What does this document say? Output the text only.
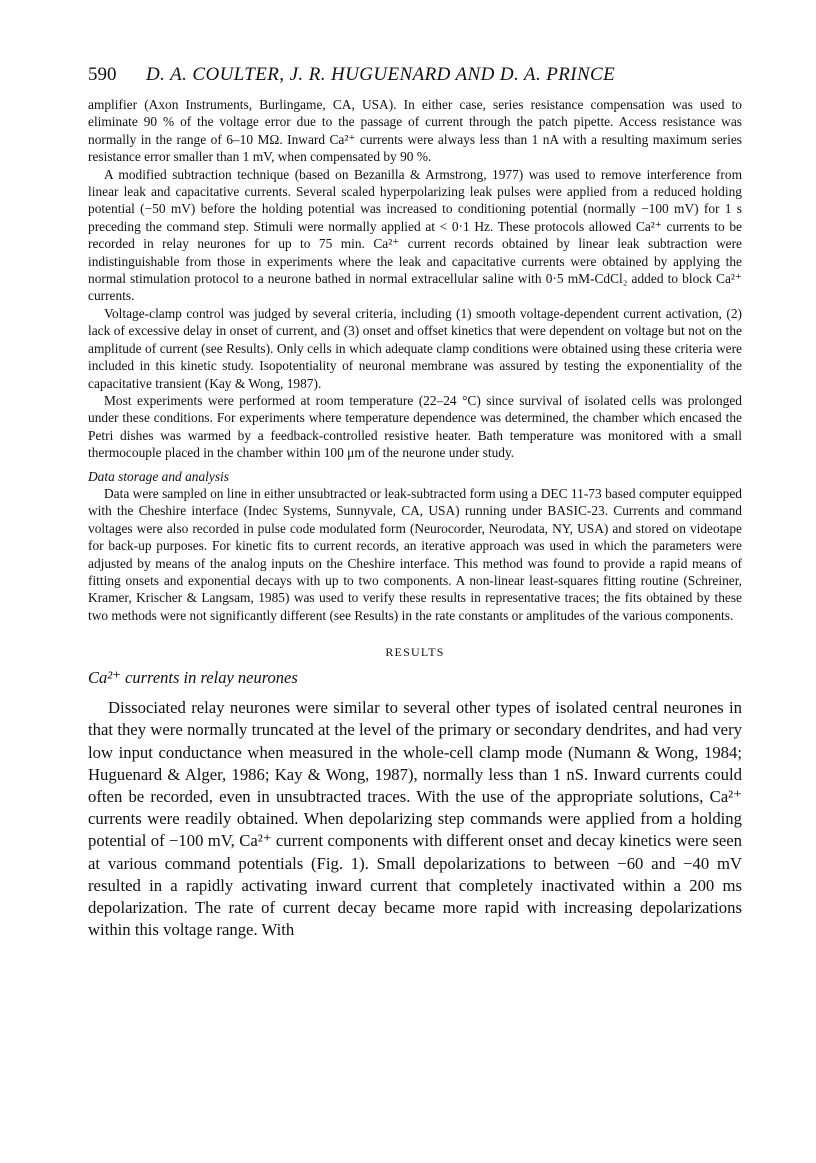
590	D. A. COULTER, J. R. HUGUENARD AND D. A. PRINCE

amplifier (Axon Instruments, Burlingame, CA, USA). In either case, series resistance compensation was used to eliminate 90 % of the voltage error due to the passage of current through the patch pipette. Access resistance was normally in the range of 6–10 MΩ. Inward Ca²⁺ currents were always less than 1 nA with a resulting maximum series resistance error smaller than 1 mV, when compensated by 90 %.

A modified subtraction technique (based on Bezanilla & Armstrong, 1977) was used to remove interference from linear leak and capacitative currents. Several scaled hyperpolarizing leak pulses were applied from a reduced holding potential (−50 mV) before the holding potential was increased to conditioning potential (normally −100 mV) for 1 s preceding the command step. Stimuli were normally applied at < 0·1 Hz. These protocols allowed Ca²⁺ currents to be recorded in relay neurones for up to 75 min. Ca²⁺ current records obtained by linear leak subtraction were indistinguishable from those in experiments where the leak and capacitative currents were obtained by applying the normal stimulation protocol to a neurone bathed in normal extracellular saline with 0·5 mM-CdCl₂ added to block Ca²⁺ currents.

Voltage-clamp control was judged by several criteria, including (1) smooth voltage-dependent current activation, (2) lack of excessive delay in onset of current, and (3) onset and offset kinetics that were dependent on voltage but not on the amplitude of current (see Results). Only cells in which adequate clamp conditions were obtained using these criteria were included in this kinetic study. Isopotentiality of neuronal membrane was assured by testing the exponentiality of the capacitative transient (Kay & Wong, 1987).

Most experiments were performed at room temperature (22–24 °C) since survival of isolated cells was prolonged under these conditions. For experiments where temperature dependence was determined, the chamber which encased the Petri dishes was warmed by a feedback-controlled resistive heater. Bath temperature was monitored with a small thermocouple placed in the chamber within 100 μm of the neurone under study.

Data storage and analysis

Data were sampled on line in either unsubtracted or leak-subtracted form using a DEC 11-73 based computer equipped with the Cheshire interface (Indec Systems, Sunnyvale, CA, USA) running under BASIC-23. Currents and command voltages were also recorded in pulse code modulated form (Neurocorder, Neurodata, NY, USA) and stored on videotape for back-up purposes. For kinetic fits to current records, an iterative approach was used in which the parameters were adjusted by means of the analog inputs on the Cheshire interface. This method was found to provide a rapid means of fitting onsets and exponential decays with up to two components. A non-linear least-squares fitting routine (Schreiner, Kramer, Krischer & Langsam, 1985) was used to verify these results in representative traces; the fits obtained by these two methods were not significantly different (see Results) in the rate constants or amplitudes of the various components.

RESULTS
Ca²⁺ currents in relay neurones

Dissociated relay neurones were similar to several other types of isolated central neurones in that they were normally truncated at the level of the primary or secondary dendrites, and had very low input conductance when measured in the whole-cell clamp mode (Numann & Wong, 1984; Huguenard & Alger, 1986; Kay & Wong, 1987), normally less than 1 nS. Inward currents could often be recorded, even in unsubtracted traces. With the use of the appropriate solutions, Ca²⁺ currents were readily obtained. When depolarizing step commands were applied from a holding potential of −100 mV, Ca²⁺ current components with different onset and decay kinetics were seen at various command potentials (Fig. 1). Small depolarizations to between −60 and −40 mV resulted in a rapidly activating inward current that completely inactivated within a 200 ms depolarization. The rate of current decay became more rapid with increasing depolarizations within this voltage range. With
